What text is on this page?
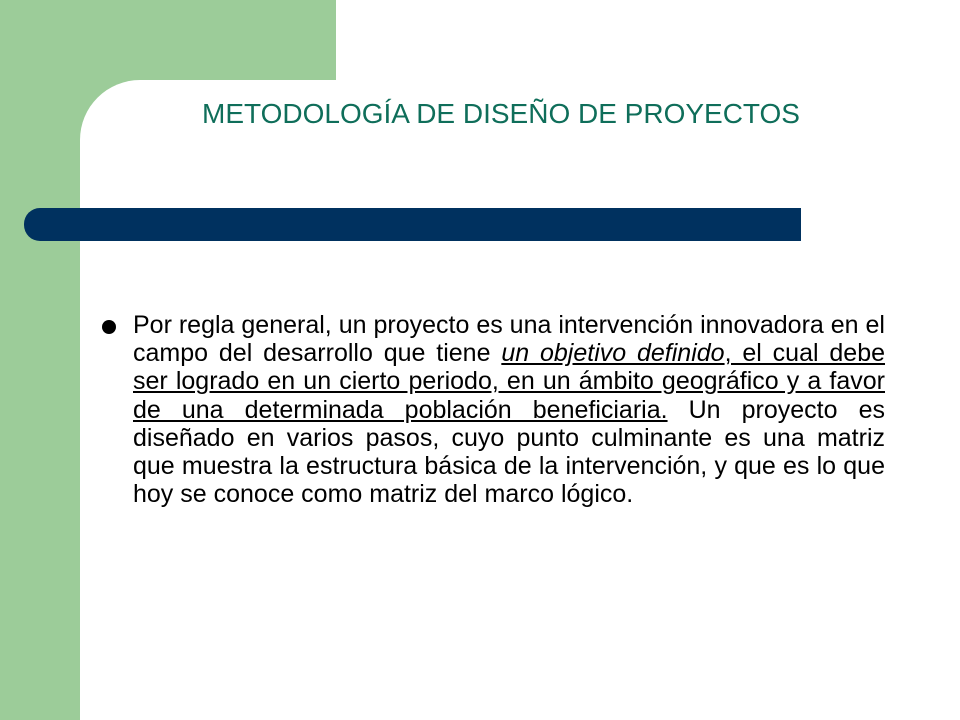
METODOLOGÍA DE DISEÑO DE PROYECTOS

Por regla general, un proyecto es una intervención innovadora en el campo del desarrollo que tiene un objetivo definido, el cual debe ser logrado en un cierto periodo, en un ámbito geográfico y a favor de una determinada población beneficiaria. Un proyecto es diseñado en varios pasos, cuyo punto culminante es una matriz que muestra la estructura básica de la intervención, y que es lo que hoy se conoce como matriz del marco lógico.
